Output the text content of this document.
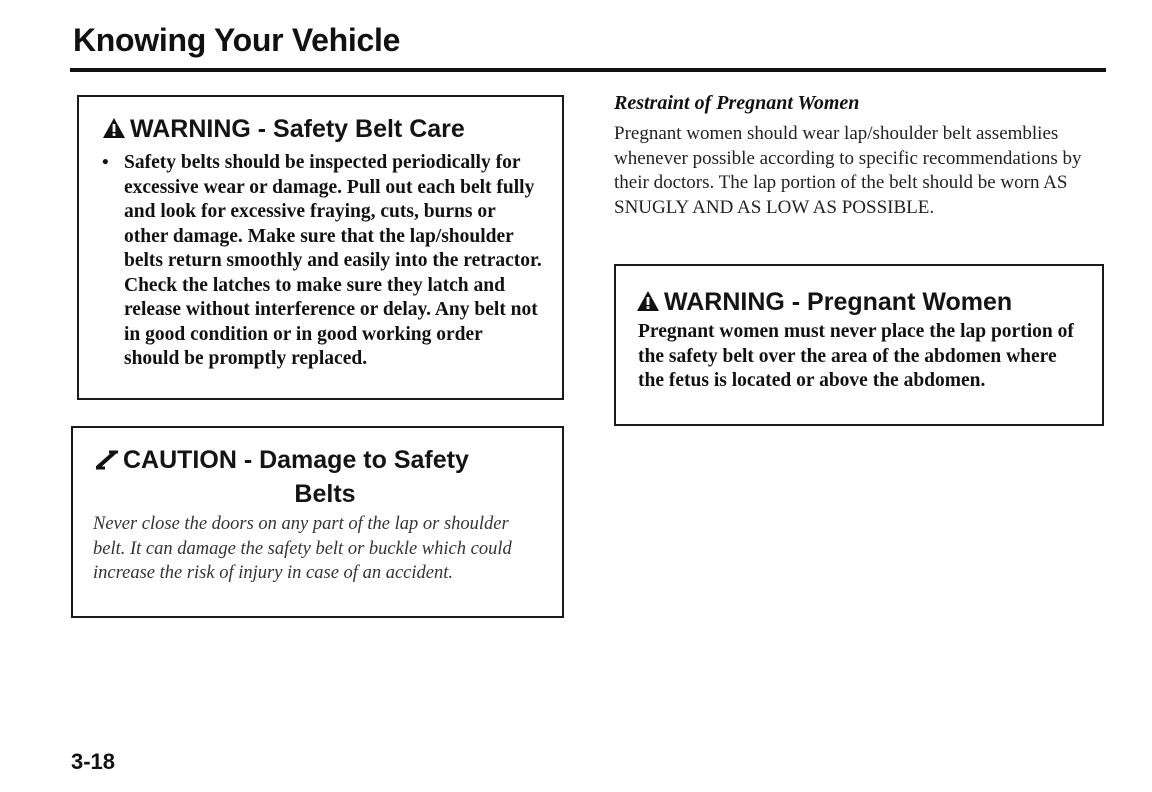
Knowing Your Vehicle
WARNING - Safety Belt Care
• Safety belts should be inspected periodically for excessive wear or damage. Pull out each belt fully and look for excessive fraying, cuts, burns or other damage. Make sure that the lap/shoulder belts return smoothly and easily into the retractor. Check the latches to make sure they latch and release without interference or delay. Any belt not in good condition or in good working order should be promptly replaced.
CAUTION - Damage to Safety
Belts
Never close the doors on any part of the lap or shoulder belt. It can damage the safety belt or buckle which could increase the risk of injury in case of an accident.
Restraint of Pregnant Women

Pregnant women should wear lap/shoulder belt assemblies whenever possible according to specific recommendations by their doctors. The lap portion of the belt should be worn AS SNUGLY AND AS LOW AS POSSIBLE.

WARNING - Pregnant Women
Pregnant women must never place the lap portion of the safety belt over the area of the abdomen where the fetus is located or above the abdomen.
3-18
